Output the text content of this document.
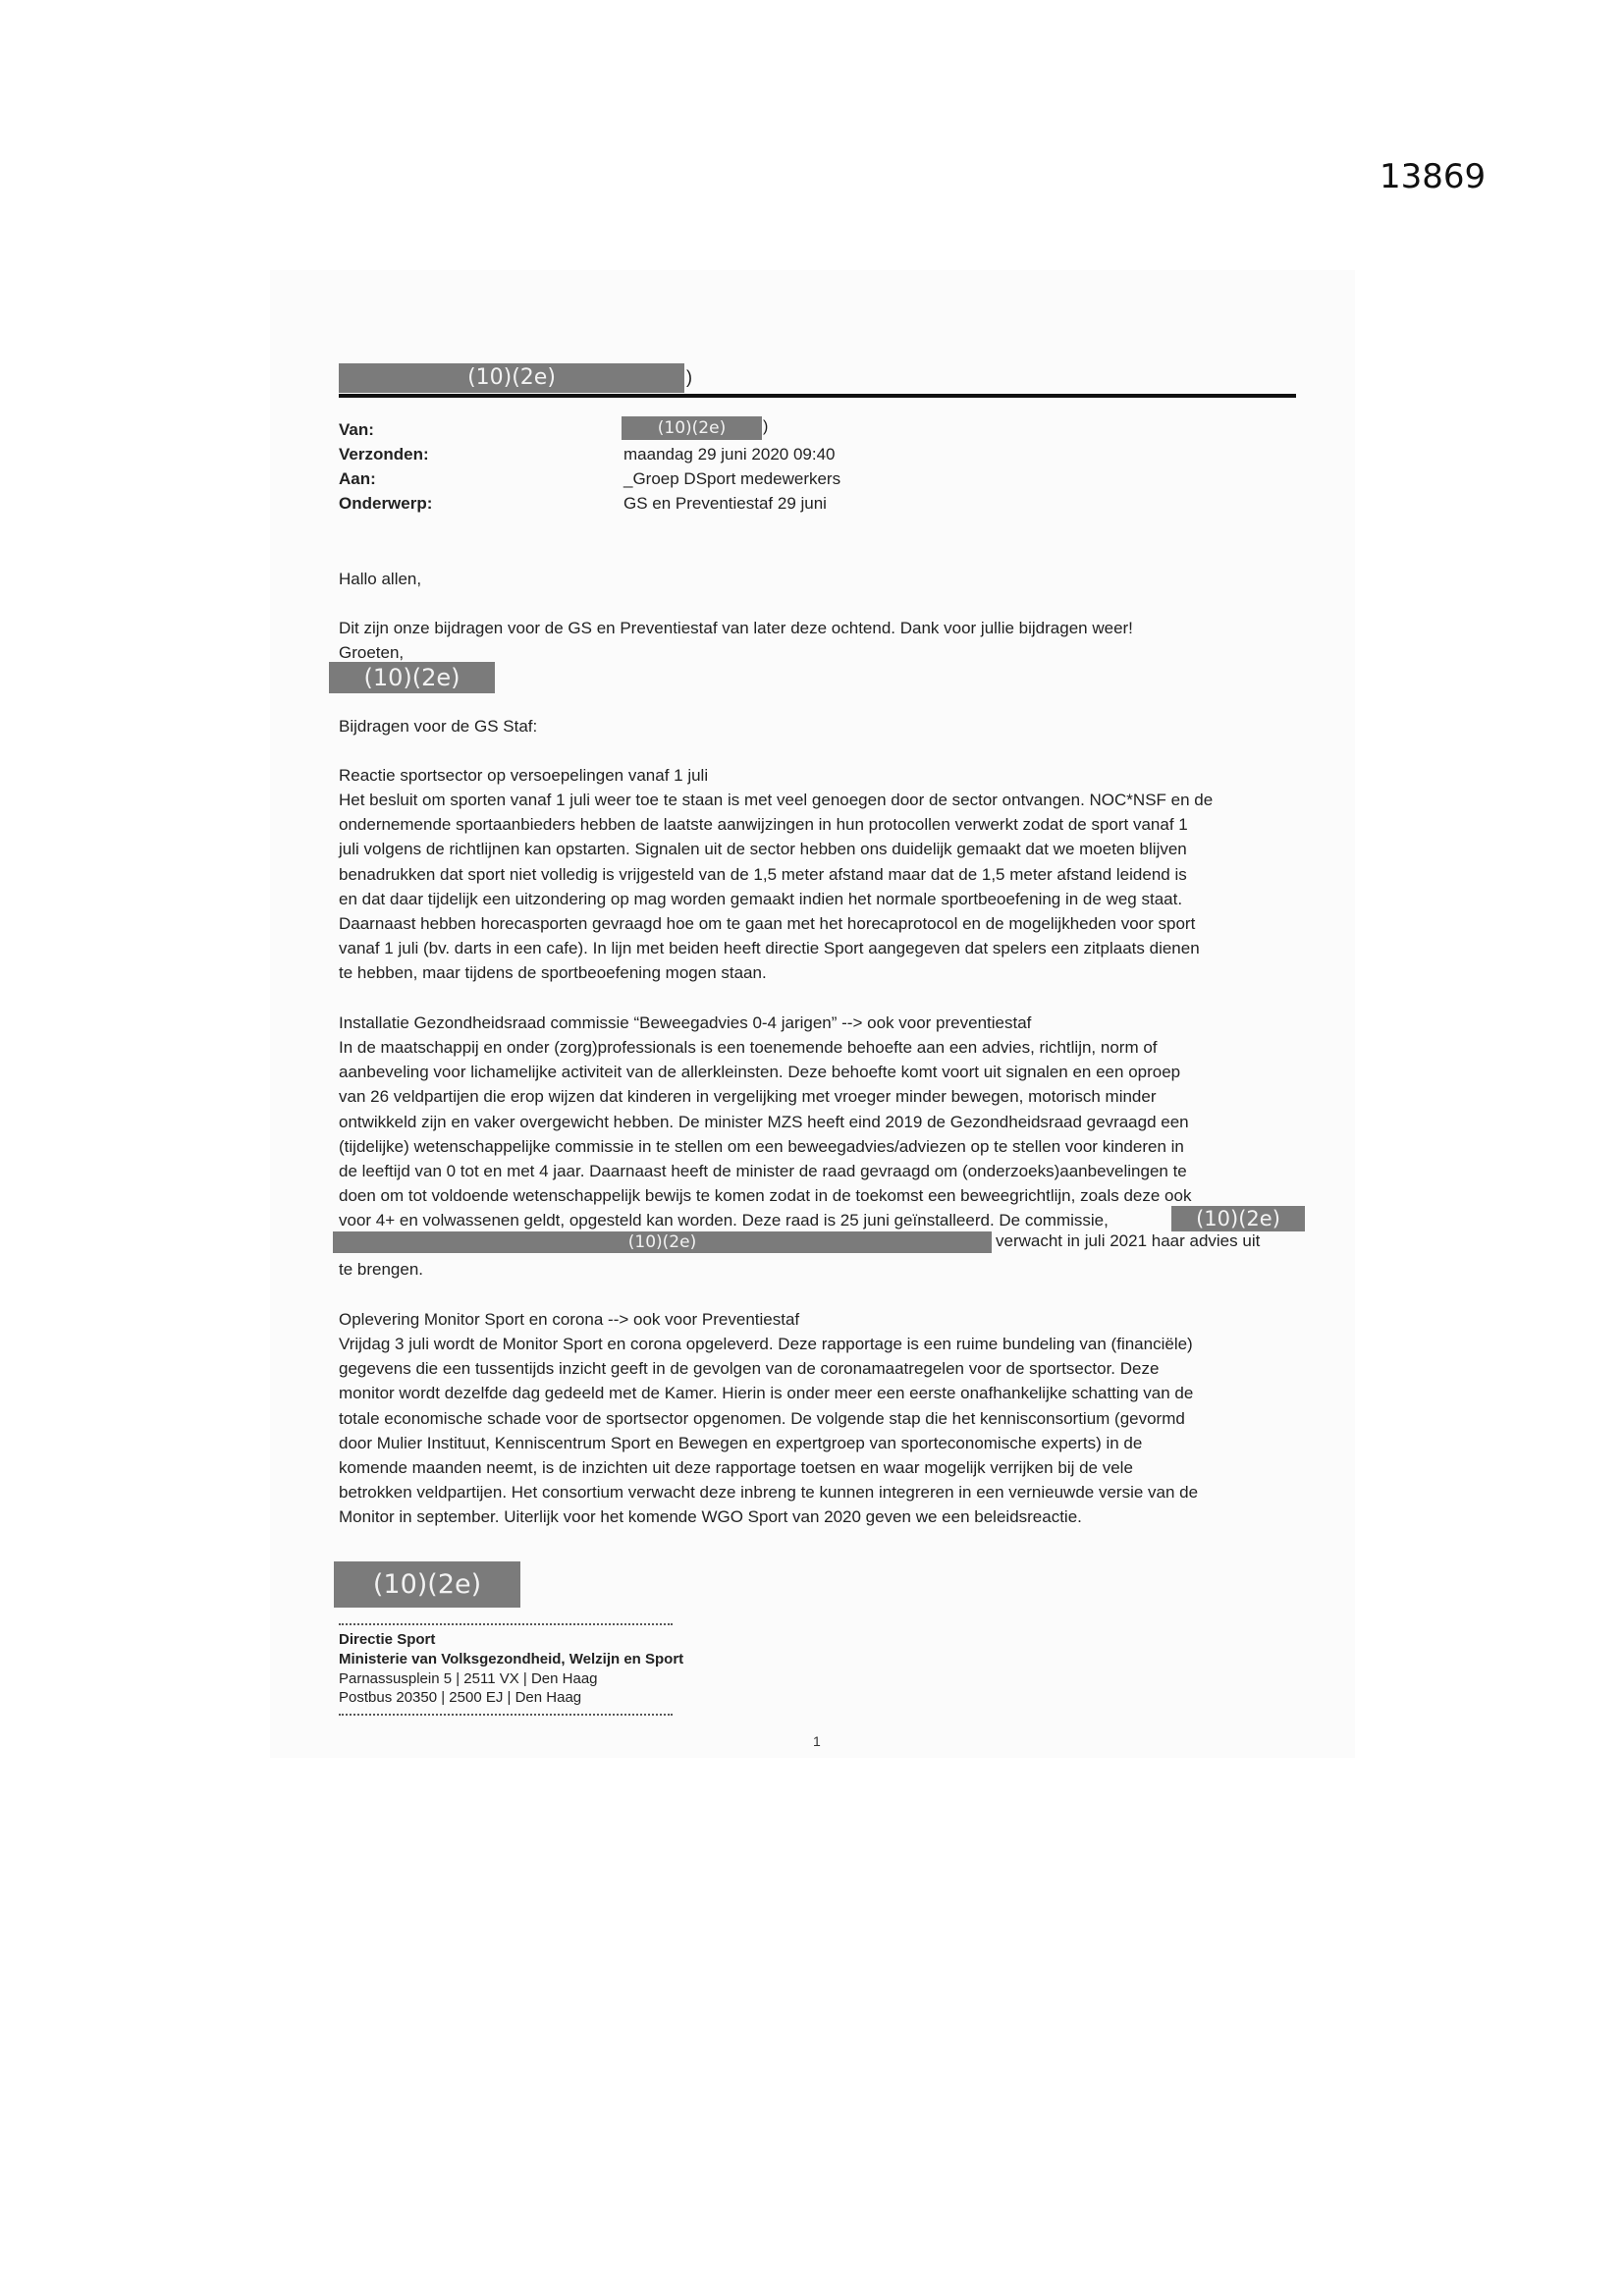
13869
(10)(2e)	)
Van:	(10)(2e)	)
Verzonden:	maandag 29 juni 2020 09:40
Aan:	_Groep DSport medewerkers
Onderwerp:	GS en Preventiestaf 29 juni
Hallo allen,
Dit zijn onze bijdragen voor de GS en Preventiestaf van later deze ochtend. Dank voor jullie bijdragen weer!
Groeten,
(10)(2e)
Bijdragen voor de GS Staf:
Reactie sportsector op versoepelingen vanaf 1 juli
Het besluit om sporten vanaf 1 juli weer toe te staan is met veel genoegen door de sector ontvangen. NOC*NSF en de
ondernemende sportaanbieders hebben de laatste aanwijzingen in hun protocollen verwerkt zodat de sport vanaf 1
juli volgens de richtlijnen kan opstarten. Signalen uit de sector hebben ons duidelijk gemaakt dat we moeten blijven
benadrukken dat sport niet volledig is vrijgesteld van de 1,5 meter afstand maar dat de 1,5 meter afstand leidend is
en dat daar tijdelijk een uitzondering op mag worden gemaakt indien het normale sportbeoefening in de weg staat.
Daarnaast hebben horecasporten gevraagd hoe om te gaan met het horecaprotocol en de mogelijkheden voor sport
vanaf 1 juli (bv. darts in een cafe). In lijn met beiden heeft directie Sport aangegeven dat spelers een zitplaats dienen
te hebben, maar tijdens de sportbeoefening mogen staan.
Installatie Gezondheidsraad commissie “Beweegadvies 0-4 jarigen” --> ook voor preventiestaf
In de maatschappij en onder (zorg)professionals is een toenemende behoefte aan een advies, richtlijn, norm of
aanbeveling voor lichamelijke activiteit van de allerkleinsten. Deze behoefte komt voort uit signalen en een oproep
van 26 veldpartijen die erop wijzen dat kinderen in vergelijking met vroeger minder bewegen, motorisch minder
ontwikkeld zijn en vaker overgewicht hebben. De minister MZS heeft eind 2019 de Gezondheidsraad gevraagd een
(tijdelijke) wetenschappelijke commissie in te stellen om een beweegadvies/adviezen op te stellen voor kinderen in
de leeftijd van 0 tot en met 4 jaar. Daarnaast heeft de minister de raad gevraagd om (onderzoeks)aanbevelingen te
doen om tot voldoende wetenschappelijk bewijs te komen zodat in de toekomst een beweegrichtlijn, zoals deze ook
voor 4+ en volwassenen geldt, opgesteld kan worden. Deze raad is 25 juni geïnstalleerd. De commissie,	(10)(2e)
(10)(2e)	verwacht in juli 2021 haar advies uit
te brengen.
Oplevering Monitor Sport en corona --> ook voor Preventiestaf
Vrijdag 3 juli wordt de Monitor Sport en corona opgeleverd. Deze rapportage is een ruime bundeling van (financiële)
gegevens die een tussentijds inzicht geeft in de gevolgen van de coronamaatregelen voor de sportsector. Deze
monitor wordt dezelfde dag gedeeld met de Kamer. Hierin is onder meer een eerste onafhankelijke schatting van de
totale economische schade voor de sportsector opgenomen. De volgende stap die het kennisconsortium (gevormd
door Mulier Instituut, Kenniscentrum Sport en Bewegen en expertgroep van sporteconomische experts) in de
komende maanden neemt, is de inzichten uit deze rapportage toetsen en waar mogelijk verrijken bij de vele
betrokken veldpartijen. Het consortium verwacht deze inbreng te kunnen integreren in een vernieuwde versie van de
Monitor in september. Uiterlijk voor het komende WGO Sport van 2020 geven we een beleidsreactie.
(10)(2e)
Directie Sport
Ministerie van Volksgezondheid, Welzijn en Sport
Parnassusplein 5 | 2511 VX | Den Haag
Postbus 20350 | 2500 EJ | Den Haag
1
